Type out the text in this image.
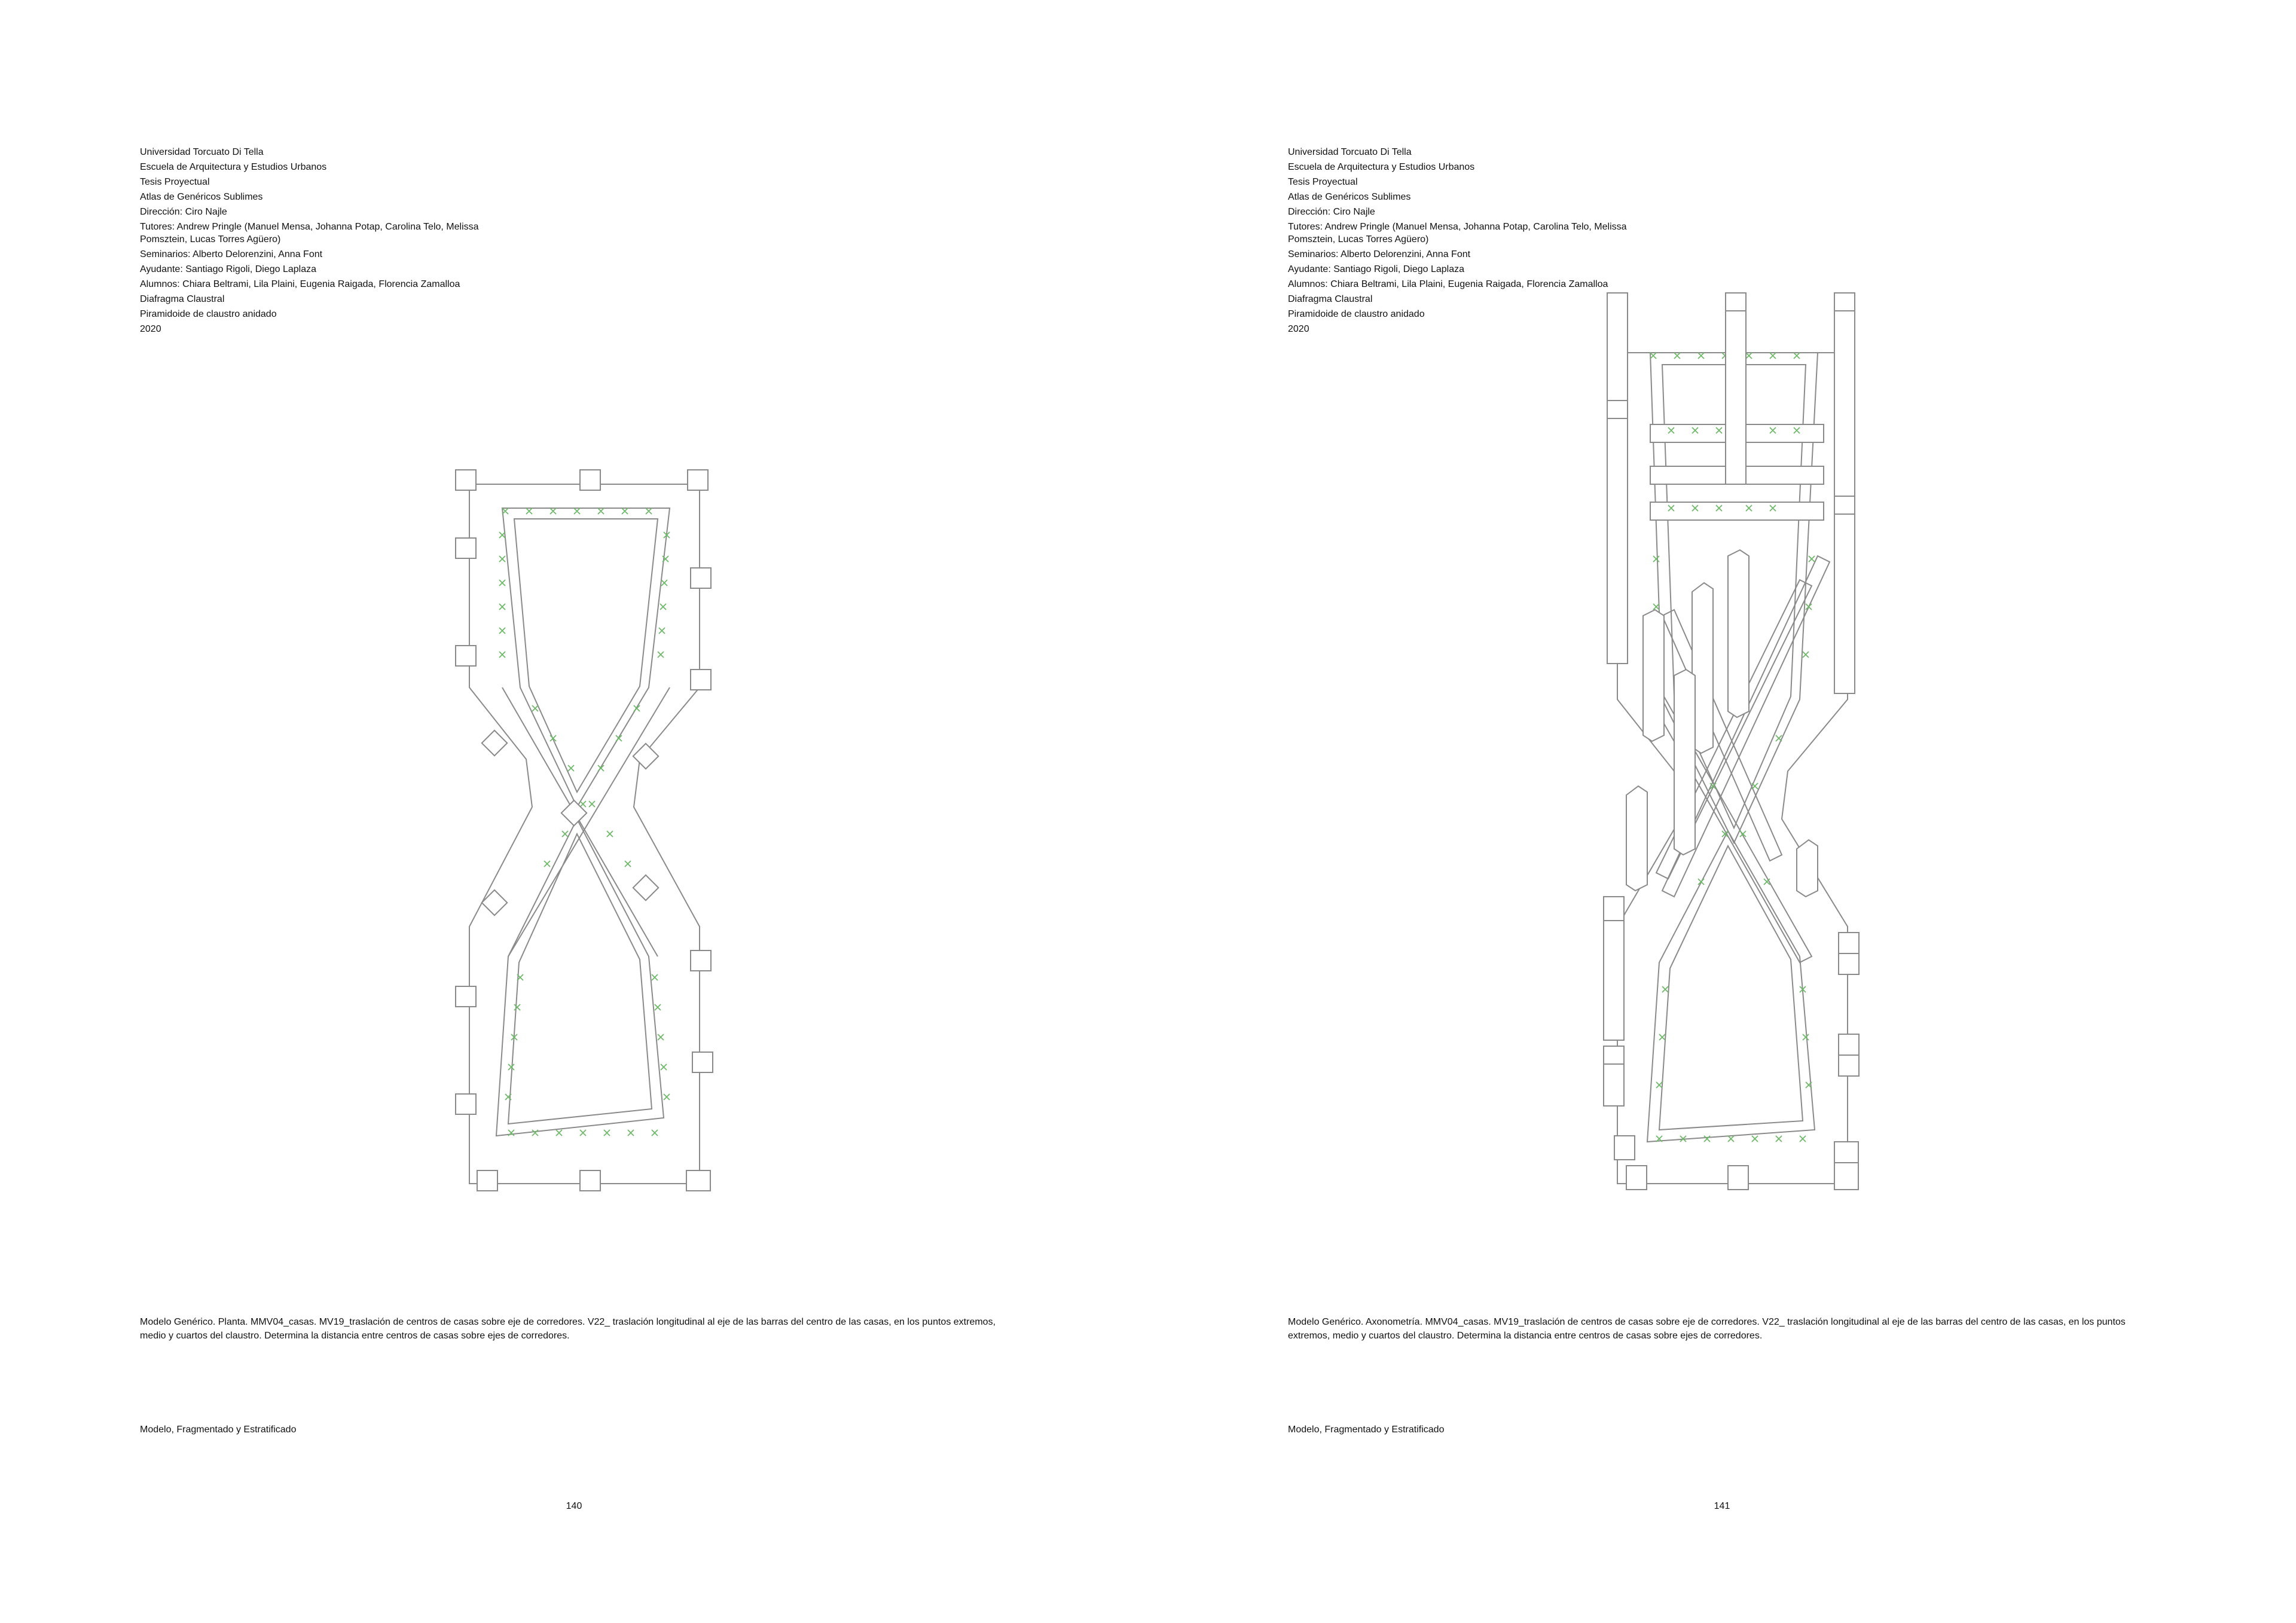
Universidad Torcuato Di Tella
Escuela de Arquitectura y Estudios Urbanos
Tesis Proyectual
Atlas de Genéricos Sublimes
Dirección: Ciro Najle
Tutores: Andrew Pringle (Manuel Mensa, Johanna Potap, Carolina Telo, Melissa Pomsztein, Lucas Torres Agüero)
Seminarios: Alberto Delorenzini, Anna Font
Ayudante: Santiago Rigoli, Diego Laplaza
Alumnos: Chiara Beltrami, Lila Plaini, Eugenia Raigada, Florencia Zamalloa
Diafragma Claustral
Piramidoide de claustro anidado
2020

Modelo Genérico. Planta. MMV04_casas. MV19_traslación de centros de casas sobre eje de corredores. V22_ traslación longitudinal al eje de las barras del centro de las casas, en los puntos extremos, medio y cuartos del claustro. Determina la distancia entre centros de casas sobre ejes de corredores.

Modelo, Fragmentado y Estratificado

140

Universidad Torcuato Di Tella
Escuela de Arquitectura y Estudios Urbanos
Tesis Proyectual
Atlas de Genéricos Sublimes
Dirección: Ciro Najle
Tutores: Andrew Pringle (Manuel Mensa, Johanna Potap, Carolina Telo, Melissa Pomsztein, Lucas Torres Agüero)
Seminarios: Alberto Delorenzini, Anna Font
Ayudante: Santiago Rigoli, Diego Laplaza
Alumnos: Chiara Beltrami, Lila Plaini, Eugenia Raigada, Florencia Zamalloa
Diafragma Claustral
Piramidoide de claustro anidado
2020

Modelo Genérico. Axonometría. MMV04_casas. MV19_traslación de centros de casas sobre eje de corredores. V22_ traslación longitudinal al eje de las barras del centro de las casas, en los puntos extremos, medio y cuartos del claustro. Determina la distancia entre centros de casas sobre ejes de corredores.

Modelo, Fragmentado y Estratificado

141
